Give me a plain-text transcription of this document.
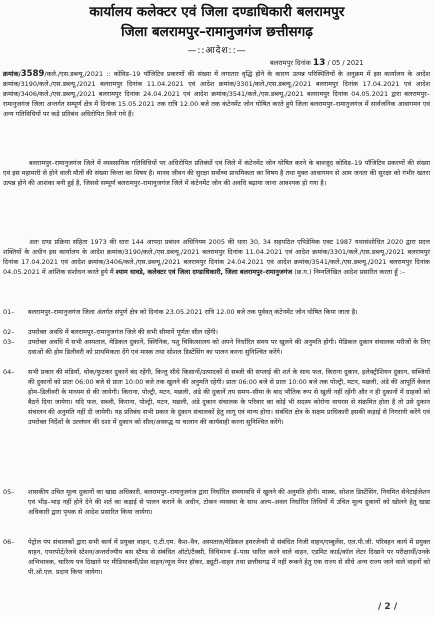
कार्यालय कलेक्टर एवं जिला दण्डाधिकारी बलरामपुर
जिला बलरामपुर–रामानुजगंज छत्तीसगढ़
—::आदेश::—
बलरामपुर दिनांक 13 / 05 / 2021

क्रमांक/3589/कले./एस.डब्ल्यू./2021 :: कोविड–19 पॉजिटिव प्रकरणों की संख्या में लगातार वृद्धि होने के कारण उत्पन्न परिस्थितियों के अनुक्रम में इस कार्यालय के आदेश क्रमांक/3190/कले./एस.डब्ल्यू./2021 बलरामपुर दिनांक 11.04.2021 एवं आदेश क्रमांक/3301/कले./एस.डब्ल्यू./2021 बलरामपुर दिनांक 17.04.2021 एवं आदेश क्रमांक/3406/कले./एस.डब्ल्यू./2021 बलरामपुर दिनांक 24.04.2021 एवं आदेश क्रमांक/3541/कले./एस.डब्ल्यू./2021 बलरामपुर दिनांक 04.05.2021 द्वारा बलरामपुर–रामानुजगंज जिला अन्तर्गत सम्पूर्ण क्षेत्र में दिनांक 15.05.2021 तक रात्रि 12.00 बजे तक कंटेनमेंट जोन घोषित करते हुये जिला बलरामपुर–रामानुजगंज में सार्वजनिक आवागमन एवं अन्य गतिविधियों पर कड़े प्रतिबंध अधिरोपित किये गये हैं।

बलरामपुर–रामानुजगंज जिले में व्यवसायिक गतिविधियों पर अधिरोपित प्रतिबंधों एवं जिले में कंटेनमेंट जोन घोषित करने के बावजूद कोविड–19 पॉजिटिव प्रकरणों की संख्या एवं इस महामारी से होने वाली मौतों की संख्या चिन्ता का विषय है। मानव जीवन की सुरक्षा सर्वोच्च प्राथमिकता का विषय है तथा मुक्त आवागमन से आम जनता की सुरक्षा को गंभीर खतरा उत्पन्न होने की आशंका बनी हुई है, जिससे सम्पूर्ण बलरामपुर–रामानुजगंज जिले में कंटेनमेंट जोन की अवधि बढ़ाया जाना आवश्यक हो गया है।

अतः दण्ड प्रक्रिया संहिता 1973 की धारा 144 आपदा प्रबंधन अधिनियम 2005 की धारा 30, 34 सहपठित एपिडेमिक एक्ट 1987 यथासंशोधित 2020 द्वारा प्रदत्त शक्तियों के अधीन इस कार्यालय के आदेश क्रमांक/3190/कले./एस.डब्ल्यू./2021 बलरामपुर दिनांक 11.04.2021 एवं आदेश क्रमांक/3301/कले./एस.डब्ल्यू./2021 बलरामपुर दिनांक 17.04.2021 एवं आदेश क्रमांक/3406/कले./एस.डब्ल्यू./2021 बलरामपुर दिनांक 24.04.2021 एवं आदेश क्रमांक/3541/कले./एस.डब्ल्यू./2021 बलरामपुर दिनांक 04.05.2021 में आंशिक संशोधन करते हुये मैं श्याम धावडे, कलेक्टर एवं जिला दण्डाधिकारी, जिला बलरामपुर–रामानुजगंज (छ.ग.) निम्नलिखित आदेश प्रसारित करता हूँ :–

01–	बलरामपुर–रामानुजगंज जिला अंतर्गत संपूर्ण क्षेत्र को दिनांक 23.05.2021 रात्रि 12.00 बजे तक पूर्ववत् कंटेनमेंट जोन घोषित किया जाता है।
02–	उपरोक्त अवधि में बलरामपुर–रामानुजगंज जिले की सभी सीमायें पूर्णतः सील रहेंगी।
03–	उपरोक्त अवधि में सभी अस्पताल, मेडिकल दुकानें, क्लिनिक, पशु चिकित्सालय को अपने निर्धारित समय पर खुलने की अनुमति होगी। मेडिकल दुकान संचालक मरीजों के लिए दवाओं की होम डिलीवरी को प्राथमिकता देंगे एवं मास्क तथा सोशल डिस्टेंसिंग का पालन करना सुनिश्चित करेंगे।
04–	सभी प्रकार की मंडियाँ, थोक/फुटकर दुकानें बंद रहेंगी, किन्तु सीधे किसानों/उत्पादकों से सब्जी की सप्लाई की शर्त के साथ फल, किराना दुकान, इलेक्ट्रीशियन दुकान, सब्जियों की दुकानों को प्रातः 06:00 बजे से प्रातः 10:00 बजे तक खुलने की अनुमति रहेगी। प्रातः 06:00 बजे से प्रातः 10:00 बजे तक पोल्ट्री, मटन, मछली, अंडे की आपूर्ति केवल होम–डिलीवरी के माध्यम से की जायेगी। किराना, पोल्ट्री, मटन, मछली, अंडे की दुकानें तय समय–सीमा के बाद भौतिक रूप से खुली नहीं रहेंगी और न ही दुकानों में ग्राहकों को बैठने दिया जायेगा। यदि फल, सब्जी, किराना, पोल्ट्री, मटन, मछली, अंडे दुकान संचालक के परिवार का कोई भी सदस्य कोरोना वायरस से संक्रमित होता है तो उसे दुकान संचालन की अनुमति नहीं दी जायेगी। यह प्रतिबंध सभी प्रकार के दुकान संचालकों हेतु लागू एवं मान्य होगा। संबंधित क्षेत्र के सक्षम प्राधिकारी इसकी कड़ाई से निगरानी करेंगे एवं उपरोक्त निर्देशों के उल्लंघन की दशा में दुकान को सील/अवरुद्ध या चालान की कार्यवाही करना सुनिश्चित करेंगे।
05–	शासकीय उचित मूल्य दुकानों का खाद्य अधिकारी, बलरामपुर–रामानुजगंज द्वारा निर्धारित समयावधि में खुलने की अनुमति होगी। मास्क, सोशल डिस्टेंसिंग, नियमित सेनेटाईजेशन एवं भीड़–भाड़ नहीं होने देने की शर्त का कड़ाई से पालन कराने के अधीन, टोकन व्यवस्था के साथ अल्प–अवल निर्धारित तिथियों में उचित मूल्य दुकानों को खोलने हेतु खाद्य अधिकारी द्वारा पृथक से आदेश प्रसारित किया जायेगा।
06–	पेट्रोल पंप संचालकों द्वारा सभी कार्य में प्रयुक्त वाहन, ए.टी.एम. कैश–वैन, अस्पताल/मेडिकल इमरजेन्सी से संबंधित निजी वाहन/एम्बुलेंस, एल.पी.जी. परिवहन कार्य में प्रयुक्त वाहन, एयरपोर्ट/रेलवे स्टेशन/अन्तर्राज्यीय बस स्टैण्ड से संबंधित ऑटो/टैक्सी, विधिमान्य ई–पास धारित करने वाले वाहन, एडमिट कार्ड/कॉल लेटर दिखाने पर परीक्षार्थी/उनके अभिभावक, चारित्य पत्र दिखाने पर मीडियाकर्मी/प्रेस वाहन/न्यूज पेपर हॉकर, ड्यूटी–वाहन तथा छत्तीसगढ़ में नहीं रूकने हेतु एक राज्य से सीधे अन्य राज्य जाने वाले वाहनों को पी.ओ.एल. प्रदाय किया जायेगा।
/ 2 /
